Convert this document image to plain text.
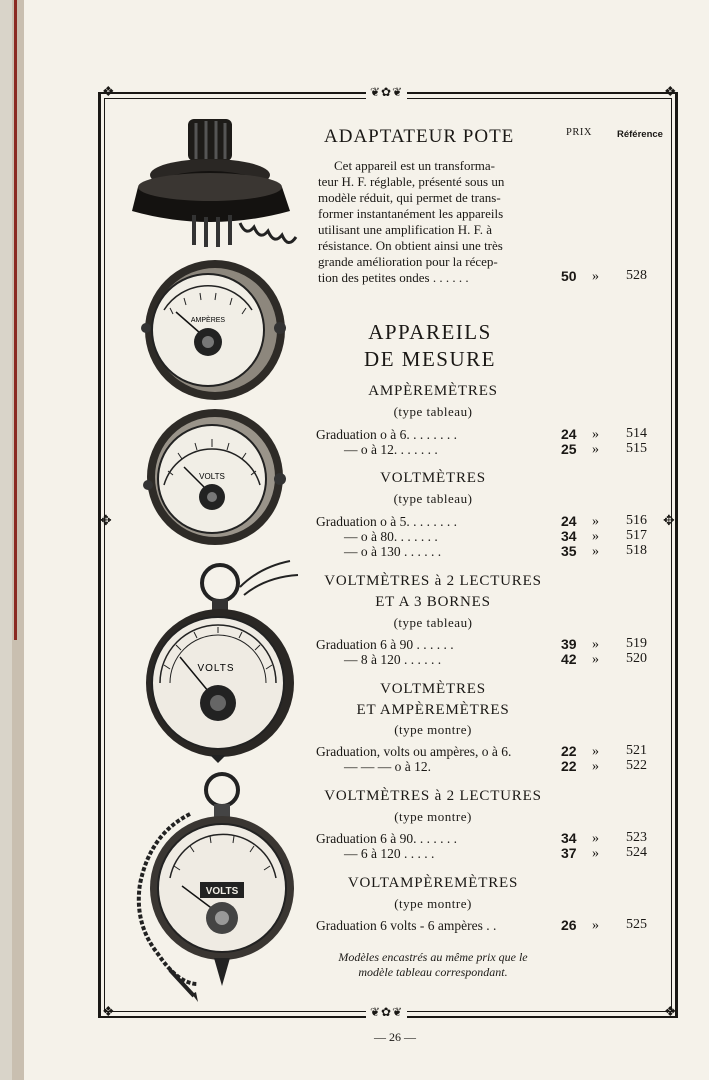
❖	❖
❖	❖
❦✿❦
❦✿❦
✥	✥
AMPÈRES
VOLTS
VOLTS
VOLTS
ADAPTATEUR POTE	PRIX	Référence
Cet appareil est un transforma-
teur H. F. réglable, présenté sous un
modèle réduit, qui permet de trans-
former instantanément les appareils
utilisant une amplification H. F. à
résistance. On obtient ainsi une très
grande amélioration pour la récep-
tion des petites ondes . . . . . .	50 » 528
APPAREILS
DE MESURE
AMPÈREMÈTRES
(type tableau)
Graduation o à 6. . . . . . . .	24 » 514
— o à 12. . . . . . .	25 » 515
VOLTMÈTRES
(type tableau)
Graduation o à 5. . . . . . . .	24 » 516
— o à 80. . . . . . .	34 » 517
— o à 130 . . . . . .	35 » 518
VOLTMÈTRES à 2 LECTURES
ET A 3 BORNES
(type tableau)
Graduation 6 à 90 . . . . . .	39 » 519
— 8 à 120 . . . . . .	42 » 520
VOLTMÈTRES
ET AMPÈREMÈTRES
(type montre)
Graduation, volts ou ampères, o à 6.	22 » 521
— — — o à 12.	22 » 522
VOLTMÈTRES à 2 LECTURES
(type montre)
Graduation 6 à 90. . . . . . .	34 » 523
— 6 à 120 . . . . .	37 » 524
VOLTAMPÈREMÈTRES
(type montre)
Graduation 6 volts - 6 ampères . .	26 » 525
Modèles encastrés au même prix que le
modèle tableau correspondant.
— 26 —
